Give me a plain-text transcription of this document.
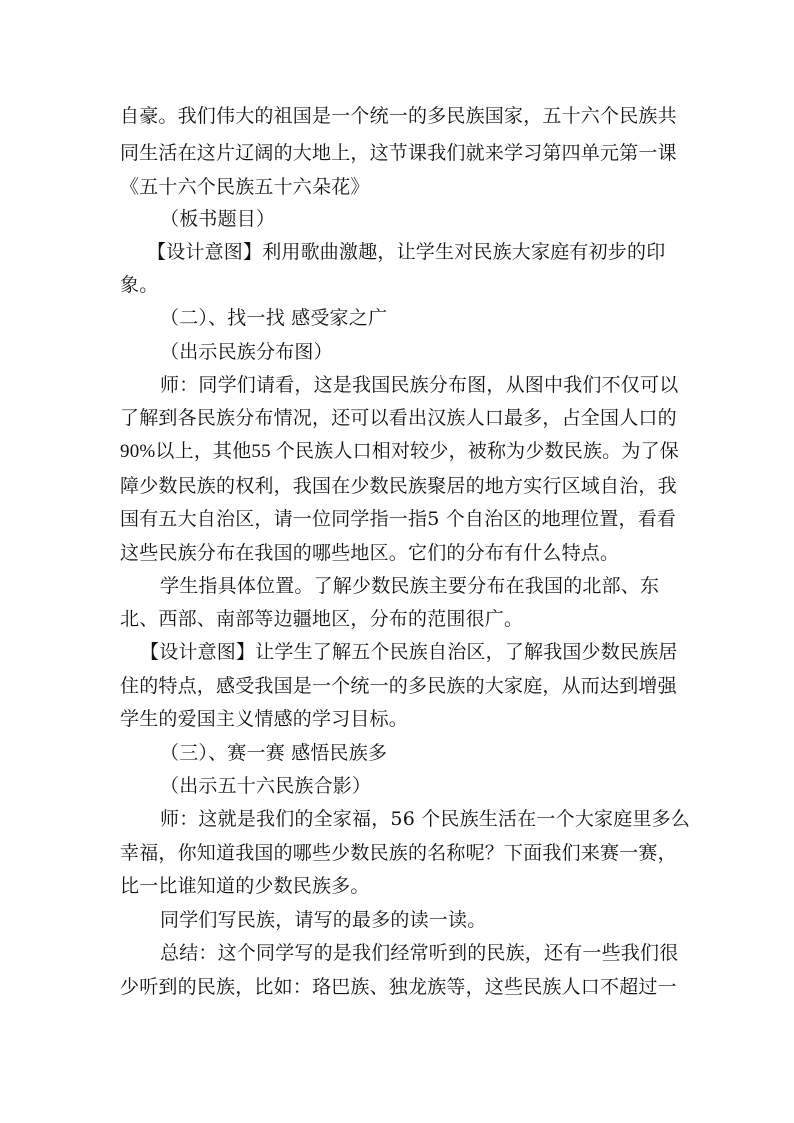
自豪。我们伟大的祖国是一个统一的多民族国家，五十六个民族共
同生活在这片辽阔的大地上，这节课我们就来学习第四单元第一课
《五十六个民族五十六朵花》
（板书题目）
【设计意图】利用歌曲激趣，让学生对民族大家庭有初步的印
象。
（二）、找一找 感受家之广
（出示民族分布图）
师：同学们请看，这是我国民族分布图，从图中我们不仅可以
了解到各民族分布情况，还可以看出汉族人口最多，占全国人口的
90%以上，其他55 个民族人口相对较少，被称为少数民族。为了保
障少数民族的权利，我国在少数民族聚居的地方实行区域自治，我
国有五大自治区，请一位同学指一指5 个自治区的地理位置，看看
这些民族分布在我国的哪些地区。它们的分布有什么特点。
学生指具体位置。了解少数民族主要分布在我国的北部、东
北、西部、南部等边疆地区，分布的范围很广。
【设计意图】让学生了解五个民族自治区，了解我国少数民族居
住的特点，感受我国是一个统一的多民族的大家庭，从而达到增强
学生的爱国主义情感的学习目标。
（三）、赛一赛 感悟民族多
（出示五十六民族合影）
师：这就是我们的全家福，56 个民族生活在一个大家庭里多么
幸福，你知道我国的哪些少数民族的名称呢？下面我们来赛一赛，
比一比谁知道的少数民族多。
同学们写民族，请写的最多的读一读。
总结：这个同学写的是我们经常听到的民族，还有一些我们很
少听到的民族，比如：珞巴族、独龙族等，这些民族人口不超过一
